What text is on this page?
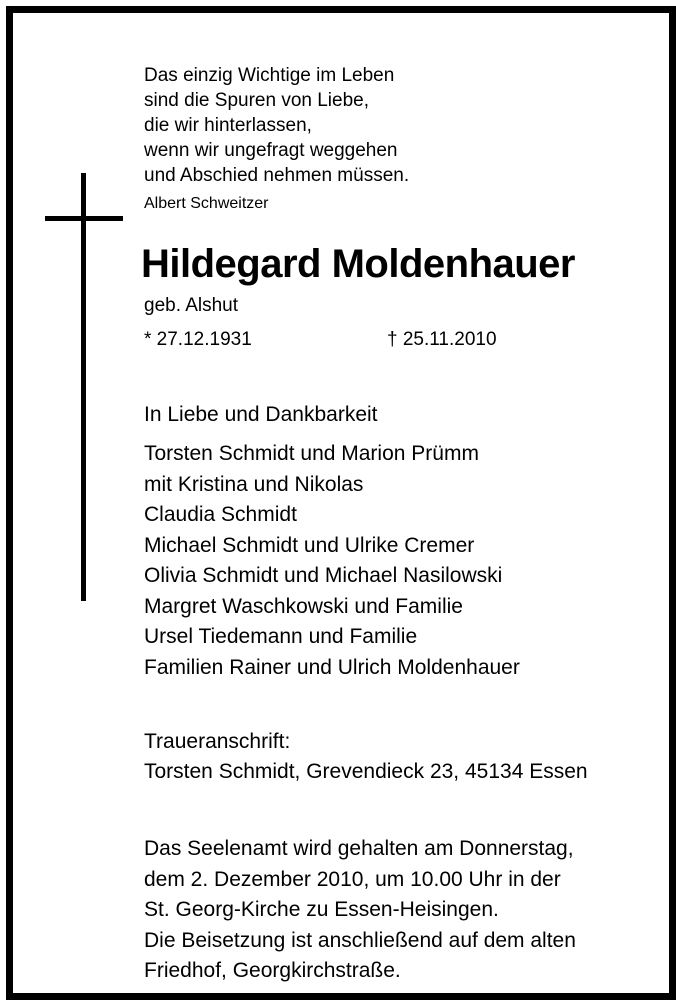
Das einzig Wichtige im Leben
sind die Spuren von Liebe,
die wir hinterlassen,
wenn wir ungefragt weggehen
und Abschied nehmen müssen.
Albert Schweitzer
Hildegard Moldenhauer
geb. Alshut
* 27.12.1931	† 25.11.2010
In Liebe und Dankbarkeit
Torsten Schmidt und Marion Prümm
mit Kristina und Nikolas
Claudia Schmidt
Michael Schmidt und Ulrike Cremer
Olivia Schmidt und Michael Nasilowski
Margret Waschkowski und Familie
Ursel Tiedemann und Familie
Familien Rainer und Ulrich Moldenhauer
Traueranschrift:
Torsten Schmidt, Grevendieck 23, 45134 Essen
Das Seelenamt wird gehalten am Donnerstag,
dem 2. Dezember 2010, um 10.00 Uhr in der
St. Georg-Kirche zu Essen-Heisingen.
Die Beisetzung ist anschließend auf dem alten
Friedhof, Georgkirchstraße.
